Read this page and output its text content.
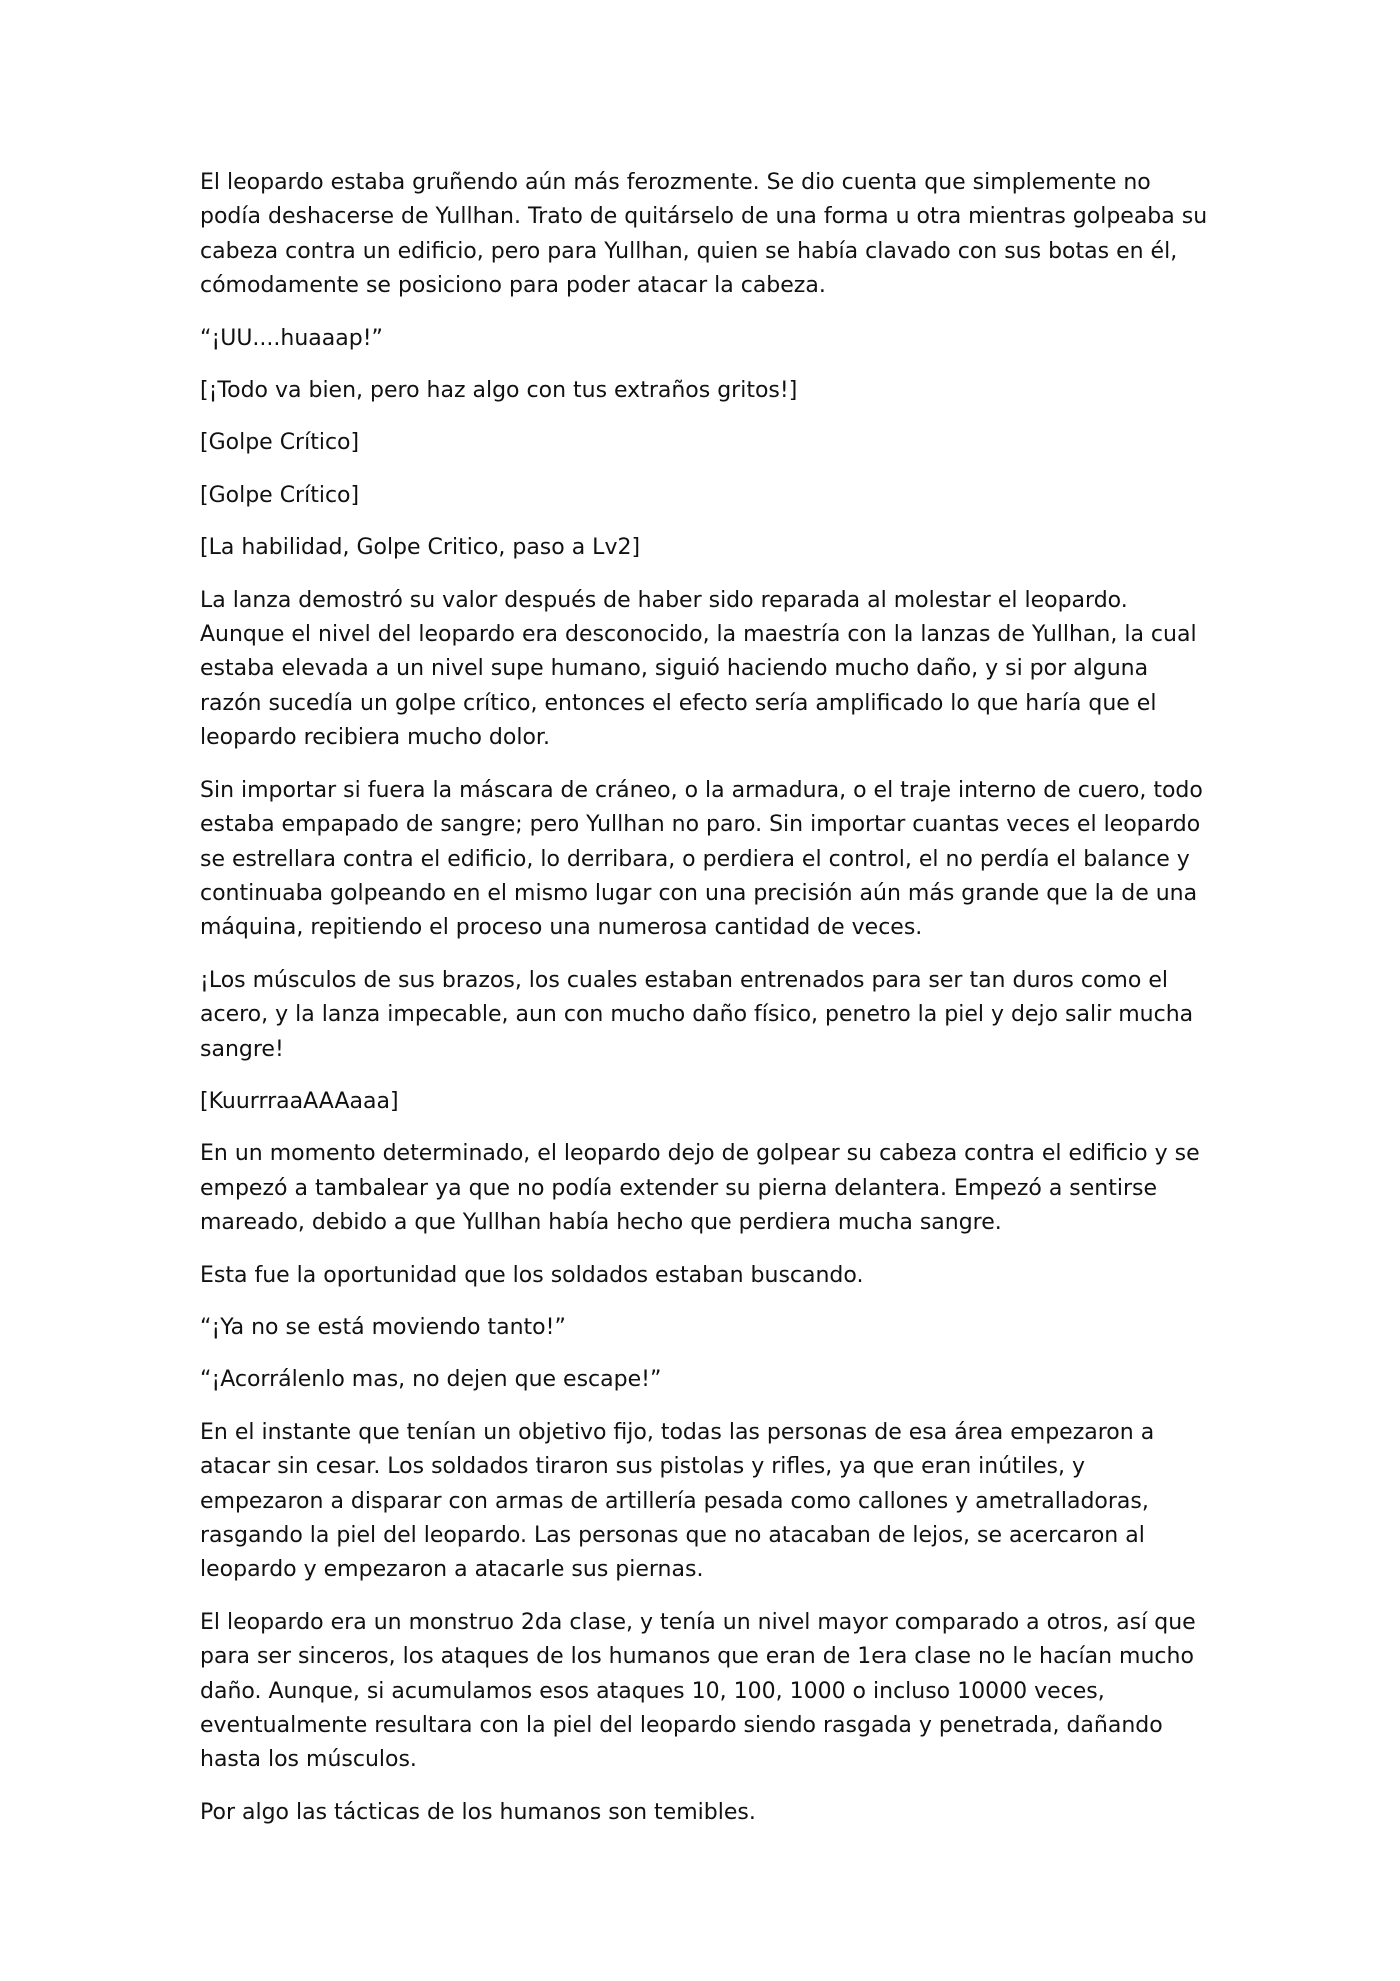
El leopardo estaba gruñendo aún más ferozmente. Se dio cuenta que simplemente no podía deshacerse de Yullhan. Trato de quitárselo de una forma u otra mientras golpeaba su cabeza contra un edificio, pero para Yullhan, quien se había clavado con sus botas en él, cómodamente se posiciono para poder atacar la cabeza.

“¡UU....huaaap!”

[¡Todo va bien, pero haz algo con tus extraños gritos!]

[Golpe Crítico]

[Golpe Crítico]

[La habilidad, Golpe Critico, paso a Lv2]

La lanza demostró su valor después de haber sido reparada al molestar el leopardo. Aunque el nivel del leopardo era desconocido, la maestría con la lanzas de Yullhan, la cual estaba elevada a un nivel supe humano, siguió haciendo mucho daño, y si por alguna razón sucedía un golpe crítico, entonces el efecto sería amplificado lo que haría que el leopardo recibiera mucho dolor.

Sin importar si fuera la máscara de cráneo, o la armadura, o el traje interno de cuero, todo estaba empapado de sangre; pero Yullhan no paro. Sin importar cuantas veces el leopardo se estrellara contra el edificio, lo derribara, o perdiera el control, el no perdía el balance y continuaba golpeando en el mismo lugar con una precisión aún más grande que la de una máquina, repitiendo el proceso una numerosa cantidad de veces.

¡Los músculos de sus brazos, los cuales estaban entrenados para ser tan duros como el acero, y la lanza impecable, aun con mucho daño físico, penetro la piel y dejo salir mucha sangre!

[KuurrraaAAAaaa]

En un momento determinado, el leopardo dejo de golpear su cabeza contra el edificio y se empezó a tambalear ya que no podía extender su pierna delantera. Empezó a sentirse mareado, debido a que Yullhan había hecho que perdiera mucha sangre.

Esta fue la oportunidad que los soldados estaban buscando.

“¡Ya no se está moviendo tanto!”

“¡Acorrálenlo mas, no dejen que escape!”

En el instante que tenían un objetivo fijo, todas las personas de esa área empezaron a atacar sin cesar. Los soldados tiraron sus pistolas y rifles, ya que eran inútiles, y empezaron a disparar con armas de artillería pesada como callones y ametralladoras, rasgando la piel del leopardo. Las personas que no atacaban de lejos, se acercaron al leopardo y empezaron a atacarle sus piernas.

El leopardo era un monstruo 2da clase, y tenía un nivel mayor comparado a otros, así que para ser sinceros, los ataques de los humanos que eran de 1era clase no le hacían mucho daño. Aunque, si acumulamos esos ataques 10, 100, 1000 o incluso 10000 veces, eventualmente resultara con la piel del leopardo siendo rasgada y penetrada, dañando hasta los músculos.

Por algo las tácticas de los humanos son temibles.
